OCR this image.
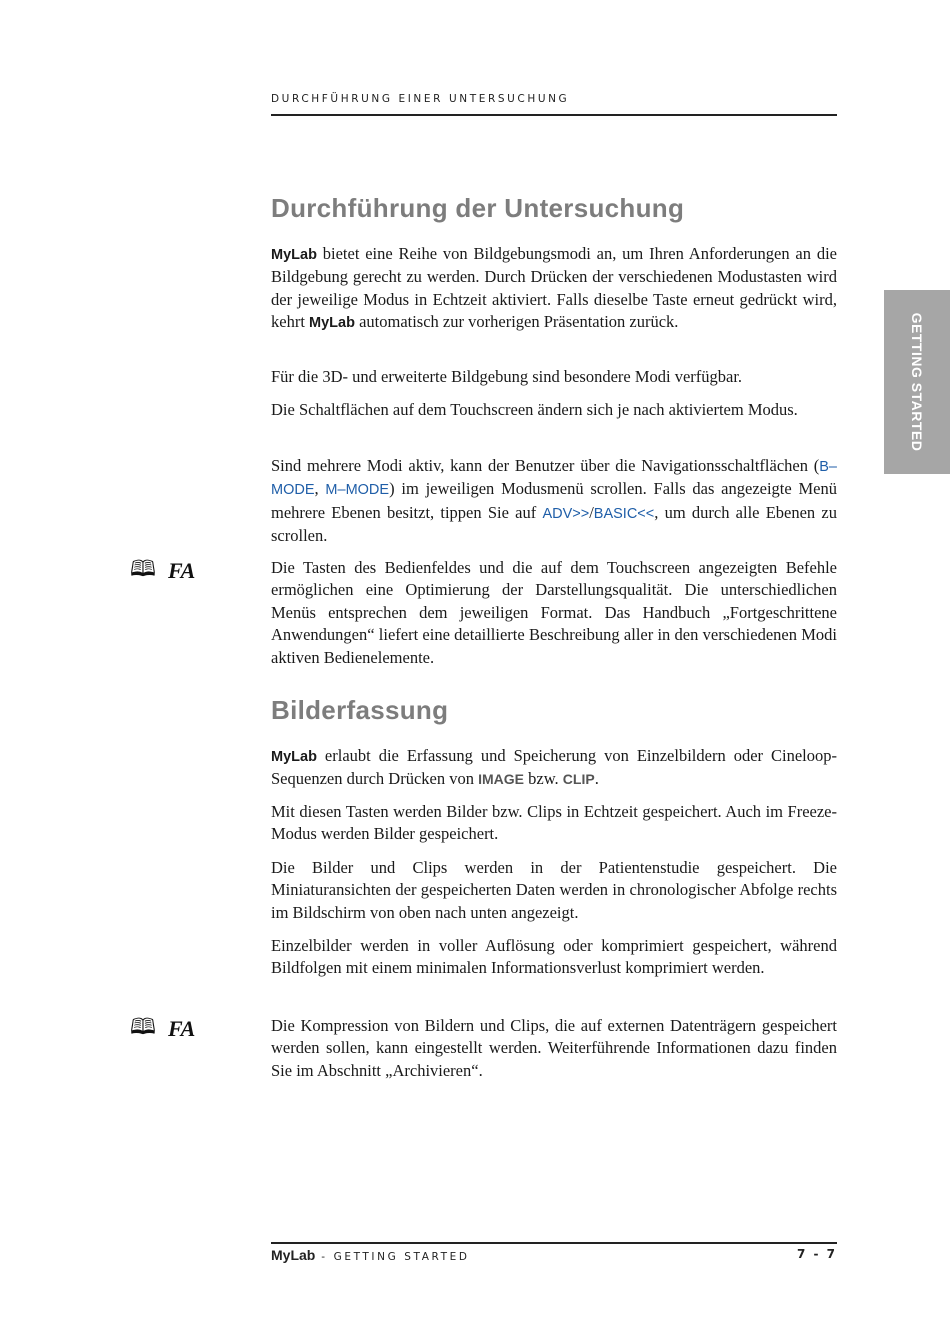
DURCHFÜHRUNG EINER UNTERSUCHUNG
GETTING STARTED
Durchführung der Untersuchung

MyLab bietet eine Reihe von Bildgebungsmodi an, um Ihren Anforderungen an die Bildgebung gerecht zu werden. Durch Drücken der verschiedenen Modustasten wird der jeweilige Modus in Echtzeit aktiviert. Falls dieselbe Taste erneut gedrückt wird, kehrt MyLab automatisch zur vorherigen Präsentation zurück.

Für die 3D- und erweiterte Bildgebung sind besondere Modi verfügbar.

Die Schaltflächen auf dem Touchscreen ändern sich je nach aktiviertem Modus.

Sind mehrere Modi aktiv, kann der Benutzer über die Navigationsschaltflächen (B–MODE, M–MODE) im jeweiligen Modusmenü scrollen. Falls das angezeigte Menü mehrere Ebenen besitzt, tippen Sie auf ADV>>/BASIC<<, um durch alle Ebenen zu scrollen.

Die Tasten des Bedienfeldes und die auf dem Touchscreen angezeigten Befehle ermöglichen eine Optimierung der Darstellungsqualität. Die unterschiedlichen Menüs entsprechen dem jeweiligen Format. Das Handbuch „Fortgeschrittene Anwendungen“ liefert eine detaillierte Beschreibung aller in den verschiedenen Modi aktiven Bedienelemente.

Bilderfassung

MyLab erlaubt die Erfassung und Speicherung von Einzelbildern oder Cineloop-Sequenzen durch Drücken von IMAGE bzw. CLIP.

Mit diesen Tasten werden Bilder bzw. Clips in Echtzeit gespeichert. Auch im Freeze-Modus werden Bilder gespeichert.

Die Bilder und Clips werden in der Patientenstudie gespeichert. Die Miniaturansichten der gespeicherten Daten werden in chronologischer Abfolge rechts im Bildschirm von oben nach unten angezeigt.

Einzelbilder werden in voller Auflösung oder komprimiert gespeichert, während Bildfolgen mit einem minimalen Informationsverlust komprimiert werden.

Die Kompression von Bildern und Clips, die auf externen Datenträgern gespeichert werden sollen, kann eingestellt werden. Weiterführende Informationen dazu finden Sie im Abschnitt „Archivieren“.

🕮 FA
🕮 FA
MyLab - GETTING STARTED	7 - 7
